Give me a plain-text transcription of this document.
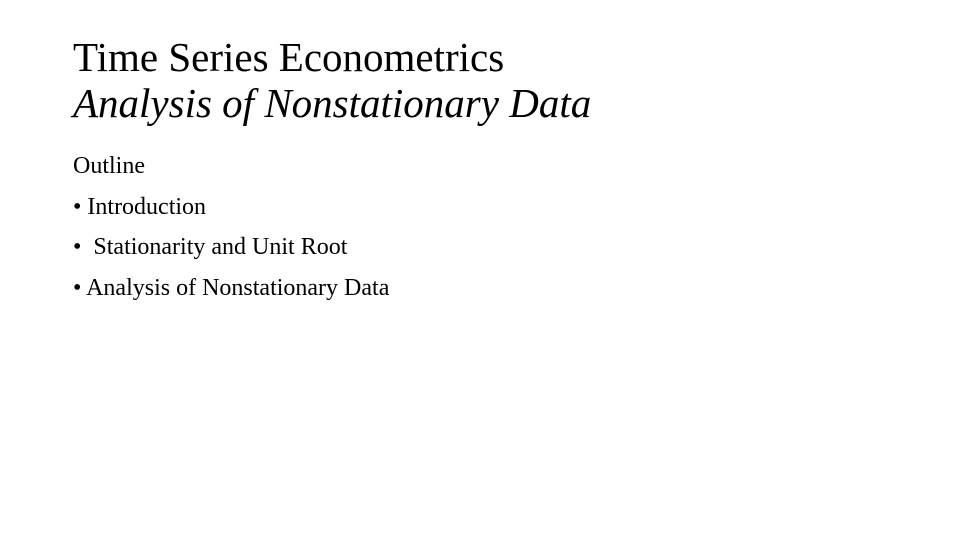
Time Series Econometrics
Analysis of Nonstationary Data

Outline

• Introduction

•  Stationarity and Unit Root

• Analysis of Nonstationary Data
